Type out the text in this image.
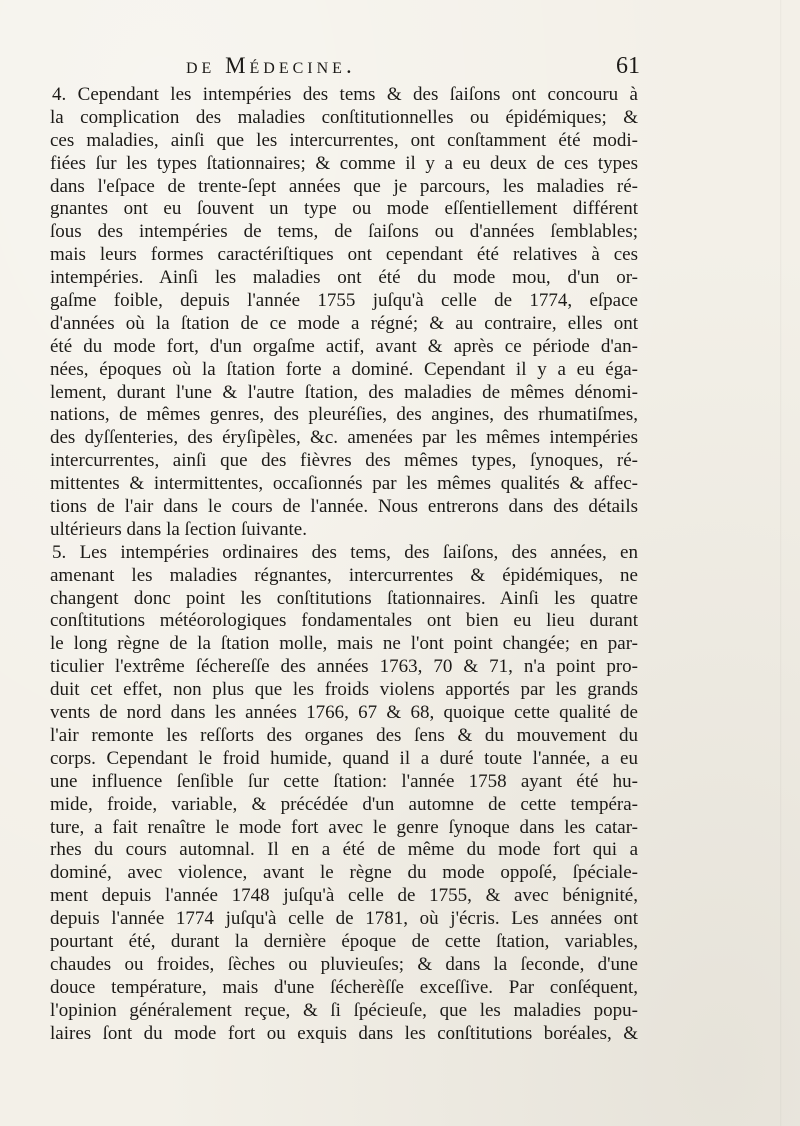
de Médecine.	61
4. Cependant les intempéries des tems & des ſaiſons ont concouru à
la complication des maladies conſtitutionnelles ou épidémiques; &
ces maladies, ainſi que les intercurrentes, ont conſtamment été modi-
fiées ſur les types ſtationnaires; & comme il y a eu deux de ces types
dans l'eſpace de trente-ſept années que je parcours, les maladies ré-
gnantes ont eu ſouvent un type ou mode eſſentiellement différent
ſous des intempéries de tems, de ſaiſons ou d'années ſemblables;
mais leurs formes caractériſtiques ont cependant été relatives à ces
intempéries. Ainſi les maladies ont été du mode mou, d'un or-
gaſme foible, depuis l'année 1755 juſqu'à celle de 1774, eſpace
d'années où la ſtation de ce mode a régné; & au contraire, elles ont
été du mode fort, d'un orgaſme actif, avant & après ce période d'an-
nées, époques où la ſtation forte a dominé. Cependant il y a eu éga-
lement, durant l'une & l'autre ſtation, des maladies de mêmes dénomi-
nations, de mêmes genres, des pleuréſies, des angines, des rhumatiſmes,
des dyſſenteries, des éryſipèles, &c. amenées par les mêmes intempéries
intercurrentes, ainſi que des fièvres des mêmes types, ſynoques, ré-
mittentes & intermittentes, occaſionnés par les mêmes qualités & affec-
tions de l'air dans le cours de l'année. Nous entrerons dans des détails
ultérieurs dans la ſection ſuivante.
5. Les intempéries ordinaires des tems, des ſaiſons, des années, en
amenant les maladies régnantes, intercurrentes & épidémiques, ne
changent donc point les conſtitutions ſtationnaires. Ainſi les quatre
conſtitutions météorologiques fondamentales ont bien eu lieu durant
le long règne de la ſtation molle, mais ne l'ont point changée; en par-
ticulier l'extrême ſéchereſſe des années 1763, 70 & 71, n'a point pro-
duit cet effet, non plus que les froids violens apportés par les grands
vents de nord dans les années 1766, 67 & 68, quoique cette qualité de
l'air remonte les reſſorts des organes des ſens & du mouvement du
corps. Cependant le froid humide, quand il a duré toute l'année, a eu
une influence ſenſible ſur cette ſtation: l'année 1758 ayant été hu-
mide, froide, variable, & précédée d'un automne de cette tempéra-
ture, a fait renaître le mode fort avec le genre ſynoque dans les catar-
rhes du cours automnal. Il en a été de même du mode fort qui a
dominé, avec violence, avant le règne du mode oppoſé, ſpéciale-
ment depuis l'année 1748 juſqu'à celle de 1755, & avec bénignité,
depuis l'année 1774 juſqu'à celle de 1781, où j'écris. Les années ont
pourtant été, durant la dernière époque de cette ſtation, variables,
chaudes ou froides, ſèches ou pluvieuſes; & dans la ſeconde, d'une
douce température, mais d'une ſécherèſſe exceſſive. Par conſéquent,
l'opinion généralement reçue, & ſi ſpécieuſe, que les maladies popu-
laires ſont du mode fort ou exquis dans les conſtitutions boréales, &
